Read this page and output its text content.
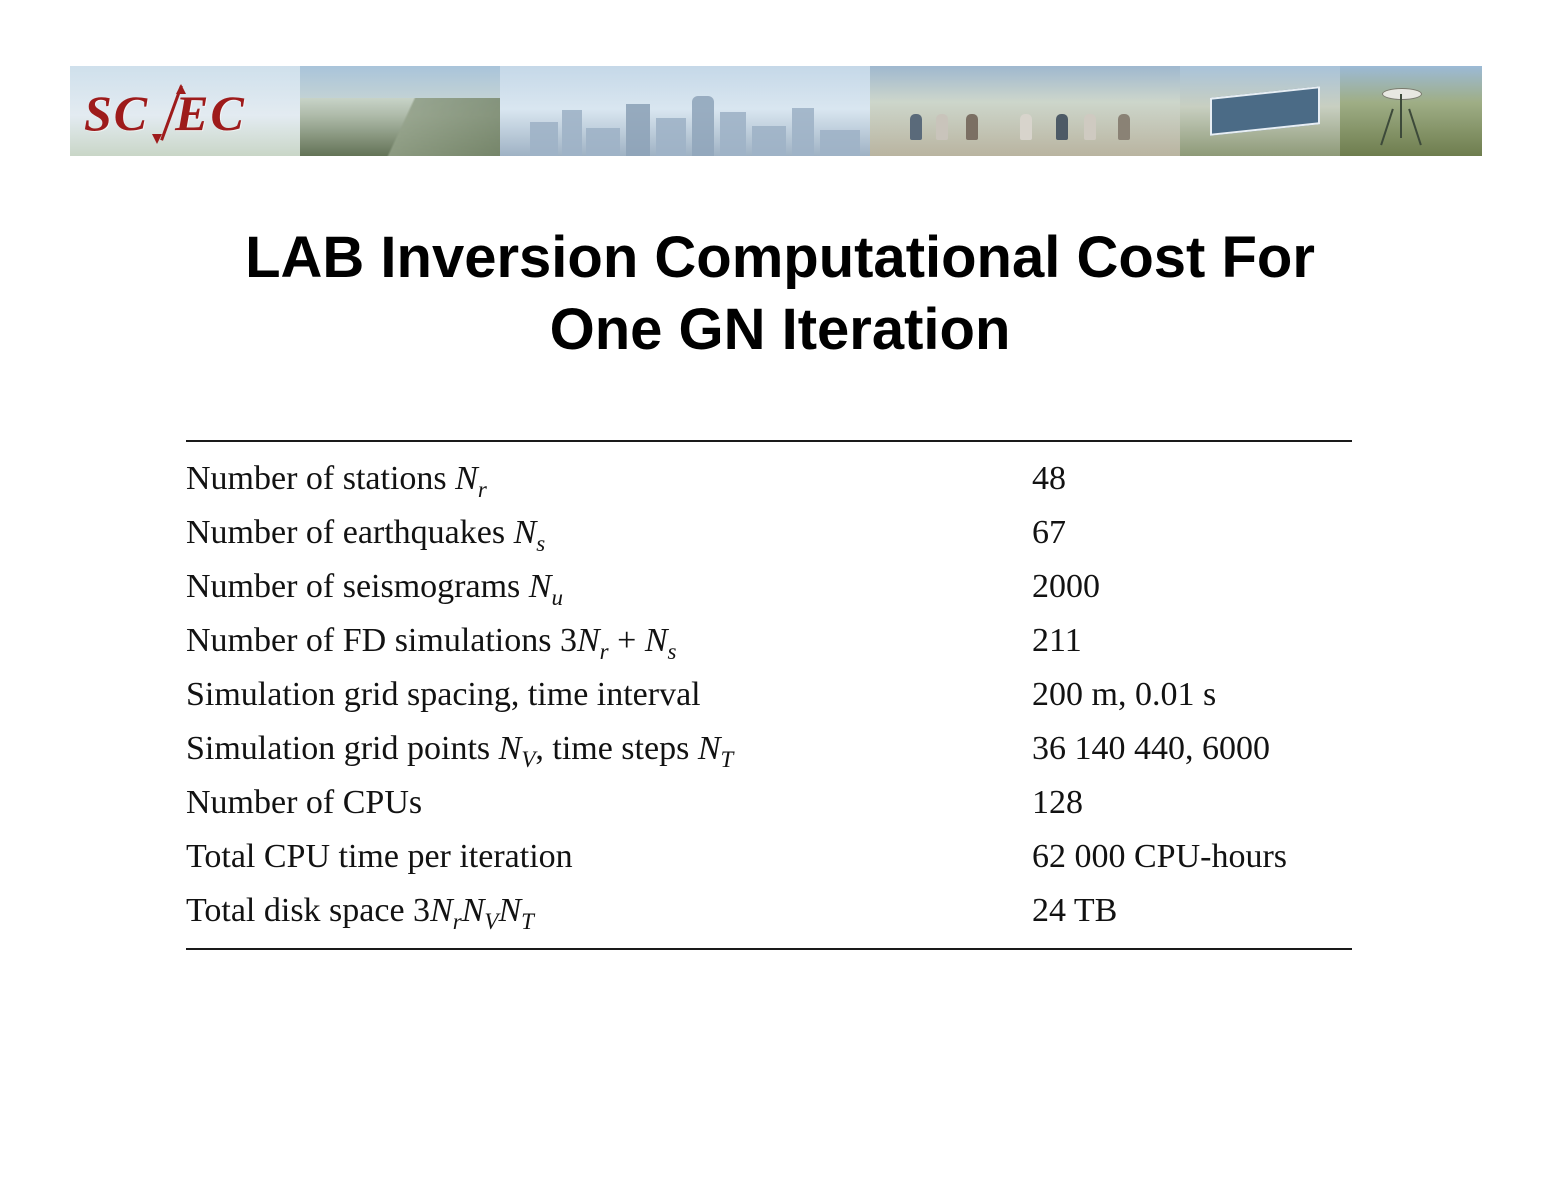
SC EC
LAB Inversion Computational Cost For
One GN Iteration
Number of stations $N_r$	48
Number of earthquakes $N_s$	67
Number of seismograms $N_u$	2000
Number of FD simulations $3N_r + N_s$	211
Simulation grid spacing, time interval	200 m, 0.01 s
Simulation grid points $N_V$, time steps $N_T$	36 140 440, 6000
Number of CPUs	128
Total CPU time per iteration	62 000 CPU-hours
Total disk space $3N_rN_VN_T$	24 TB
